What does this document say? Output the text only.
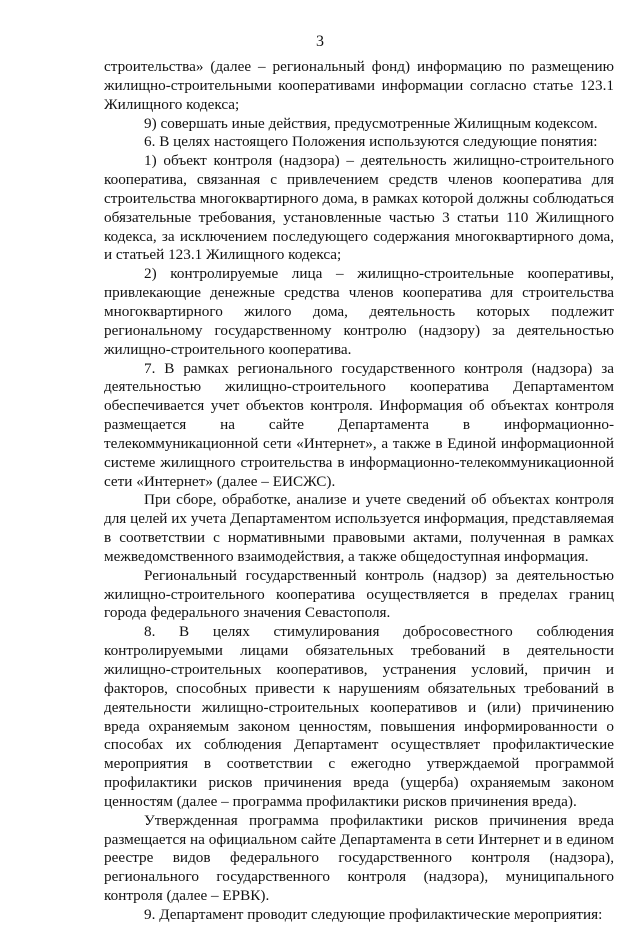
3

строительства» (далее – региональный фонд) информацию по размещению жилищно-строительными кооперативами информации согласно статье 123.1 Жилищного кодекса;

9) совершать иные действия, предусмотренные Жилищным кодексом.

6. В целях настоящего Положения используются следующие понятия:

1) объект контроля (надзора) – деятельность жилищно-строительного кооператива, связанная с привлечением средств членов кооператива для строительства многоквартирного дома, в рамках которой должны соблюдаться обязательные требования, установленные частью 3 статьи 110 Жилищного кодекса, за исключением последующего содержания многоквартирного дома, и статьей 123.1 Жилищного кодекса;

2) контролируемые лица – жилищно-строительные кооперативы, привлекающие денежные средства членов кооператива для строительства многоквартирного жилого дома, деятельность которых подлежит региональному государственному контролю (надзору) за деятельностью жилищно-строительного кооператива.

7. В рамках регионального государственного контроля (надзора) за деятельностью жилищно-строительного кооператива Департаментом обеспечивается учет объектов контроля. Информация об объектах контроля размещается на сайте Департамента в информационно-телекоммуникационной сети «Интернет», а также в Единой информационной системе жилищного строительства в информационно-телекоммуникационной сети «Интернет» (далее – ЕИСЖС).

При сборе, обработке, анализе и учете сведений об объектах контроля для целей их учета Департаментом используется информация, представляемая в соответствии с нормативными правовыми актами, полученная в рамках межведомственного взаимодействия, а также общедоступная информация.

Региональный государственный контроль (надзор) за деятельностью жилищно-строительного кооператива осуществляется в пределах границ города федерального значения Севастополя.

8. В целях стимулирования добросовестного соблюдения контролируемыми лицами обязательных требований в деятельности жилищно-строительных кооперативов, устранения условий, причин и факторов, способных привести к нарушениям обязательных требований в деятельности жилищно-строительных кооперативов и (или) причинению вреда охраняемым законом ценностям, повышения информированности о способах их соблюдения Департамент осуществляет профилактические мероприятия в соответствии с ежегодно утверждаемой программой профилактики рисков причинения вреда (ущерба) охраняемым законом ценностям (далее – программа профилактики рисков причинения вреда).

Утвержденная программа профилактики рисков причинения вреда размещается на официальном сайте Департамента в сети Интернет и в едином реестре видов федерального государственного контроля (надзора), регионального государственного контроля (надзора), муниципального контроля (далее – ЕРВК).

9. Департамент проводит следующие профилактические мероприятия:
